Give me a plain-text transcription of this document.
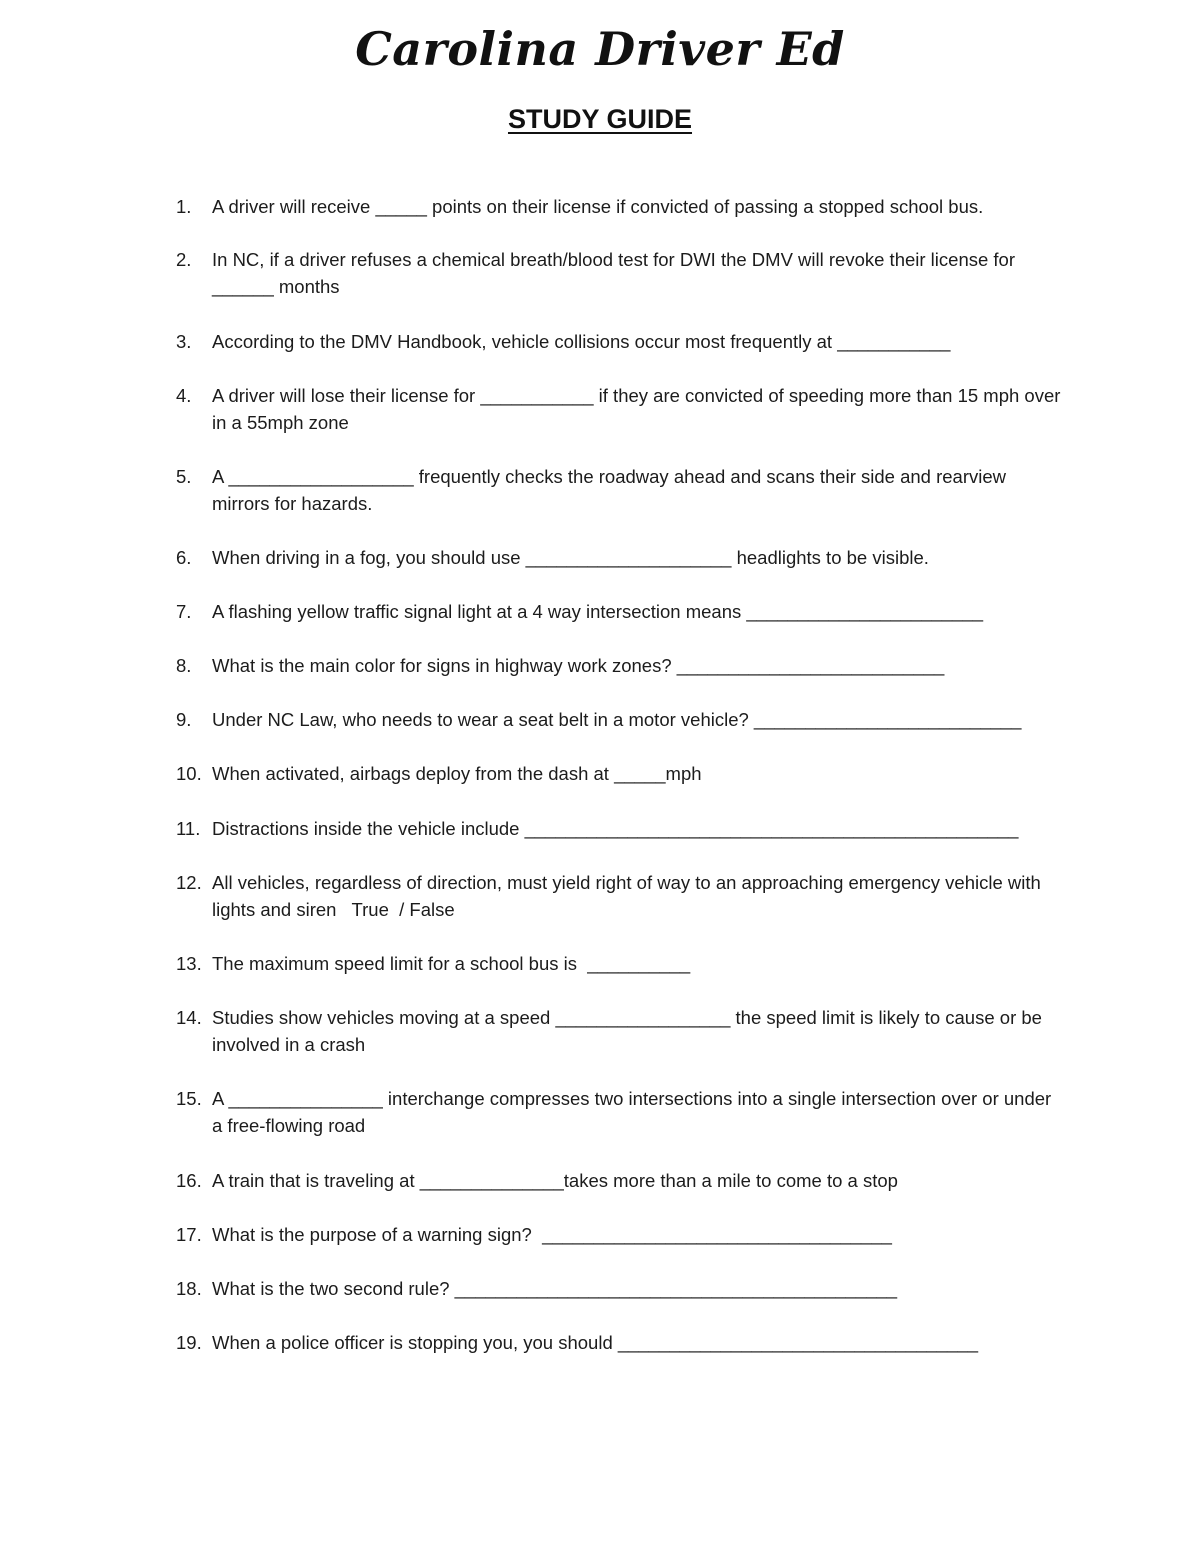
Carolina Driver Ed
STUDY GUIDE
1.	A driver will receive _____ points on their license if convicted of passing a stopped school bus.
2.	In NC, if a driver refuses a chemical breath/blood test for DWI the DMV will revoke their license for ______ months
3.	According to the DMV Handbook, vehicle collisions occur most frequently at ___________
4.	A driver will lose their license for ___________ if they are convicted of speeding more than 15 mph over in a 55mph zone
5.	A __________________ frequently checks the roadway ahead and scans their side and rearview mirrors for hazards.
6.	When driving in a fog, you should use ____________________ headlights to be visible.
7.	A flashing yellow traffic signal light at a 4 way intersection means _______________________
8.	What is the main color for signs in highway work zones? __________________________
9.	Under NC Law, who needs to wear a seat belt in a motor vehicle? __________________________
10. When activated, airbags deploy from the dash at _____mph
11. Distractions inside the vehicle include ________________________________________________
12. All vehicles, regardless of direction, must yield right of way to an approaching emergency vehicle with lights and siren   True  / False
13. The maximum speed limit for a school bus is  __________
14. Studies show vehicles moving at a speed _________________ the speed limit is likely to cause or be involved in a crash
15. A _______________ interchange compresses two intersections into a single intersection over or under a free-flowing road
16. A train that is traveling at ______________takes more than a mile to come to a stop
17. What is the purpose of a warning sign?  __________________________________
18. What is the two second rule? ___________________________________________
19. When a police officer is stopping you, you should ___________________________________
